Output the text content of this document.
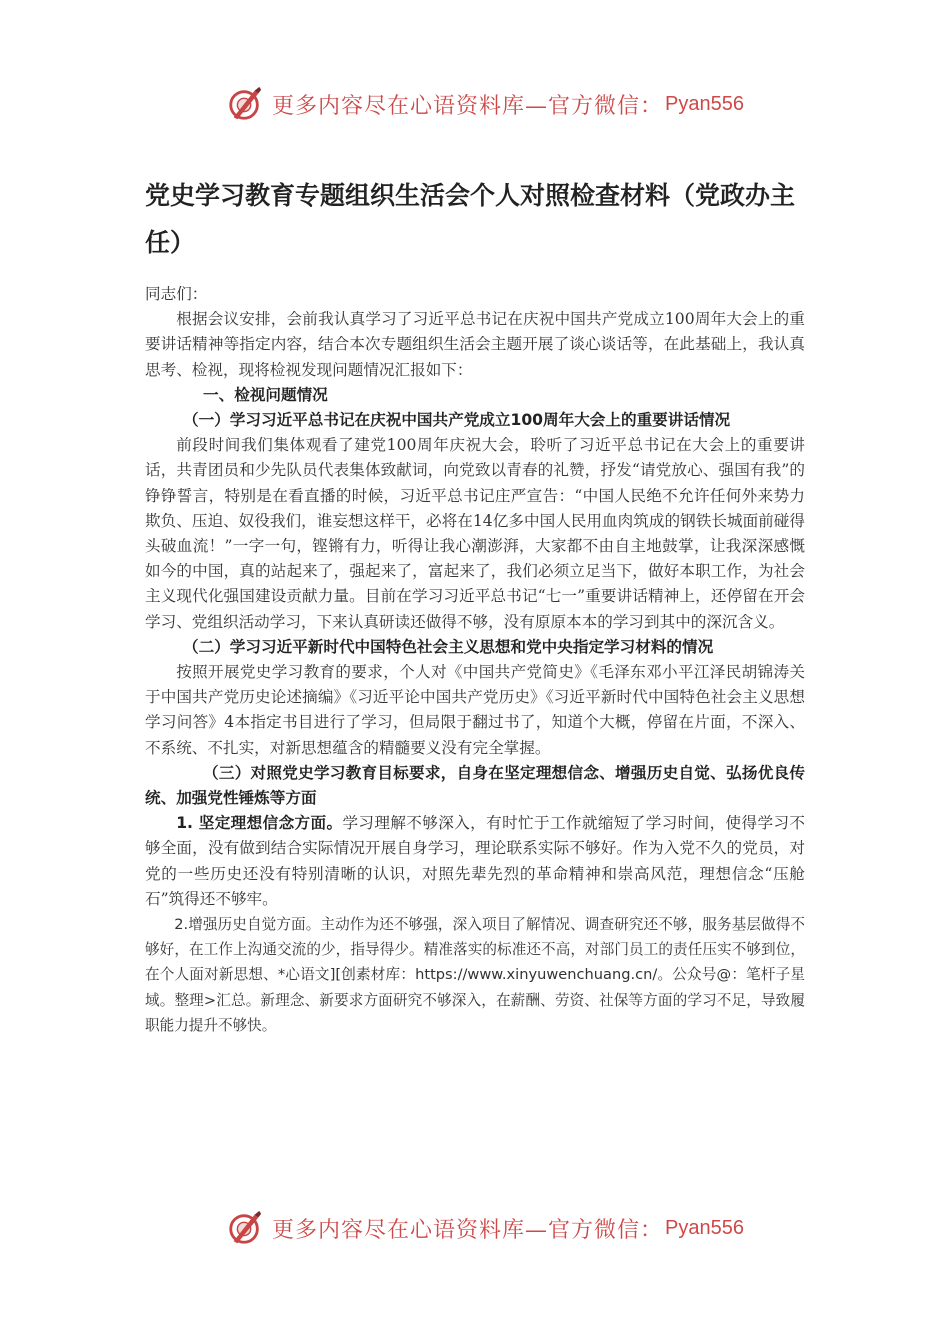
更多内容尽在心语资料库—官方微信： Pyan556
党史学习教育专题组织生活会个人对照检查材料（党政办主任）

同志们：

根据会议安排，会前我认真学习了习近平总书记在庆祝中国共产党成立100周年大会上的重要讲话精神等指定内容，结合本次专题组织生活会主题开展了谈心谈话等，在此基础上，我认真思考、检视，现将检视发现问题情况汇报如下：

一、检视问题情况

（一）学习习近平总书记在庆祝中国共产党成立100周年大会上的重要讲话情况

前段时间我们集体观看了建党100周年庆祝大会，聆听了习近平总书记在大会上的重要讲话，共青团员和少先队员代表集体致献词，向党致以青春的礼赞，抒发“请党放心、强国有我”的铮铮誓言，特别是在看直播的时候，习近平总书记庄严宣告：“中国人民绝不允许任何外来势力欺负、压迫、奴役我们，谁妄想这样干，必将在14亿多中国人民用血肉筑成的钢铁长城面前碰得头破血流！”一字一句，铿锵有力，听得让我心潮澎湃，大家都不由自主地鼓掌，让我深深感慨如今的中国，真的站起来了，强起来了，富起来了，我们必须立足当下，做好本职工作，为社会主义现代化强国建设贡献力量。目前在学习习近平总书记“七一”重要讲话精神上，还停留在开会学习、党组织活动学习，下来认真研读还做得不够，没有原原本本的学习到其中的深沉含义。

（二）学习习近平新时代中国特色社会主义思想和党中央指定学习材料的情况

按照开展党史学习教育的要求，个人对《中国共产党简史》《毛泽东邓小平江泽民胡锦涛关于中国共产党历史论述摘编》《习近平论中国共产党历史》《习近平新时代中国特色社会主义思想学习问答》4本指定书目进行了学习，但局限于翻过书了，知道个大概，停留在片面，不深入、不系统、不扎实，对新思想蕴含的精髓要义没有完全掌握。

（三）对照党史学习教育目标要求，自身在坚定理想信念、增强历史自觉、弘扬优良传统、加强党性锤炼等方面

1. 坚定理想信念方面。学习理解不够深入，有时忙于工作就缩短了学习时间，使得学习不够全面，没有做到结合实际情况开展自身学习，理论联系实际不够好。作为入党不久的党员，对党的一些历史还没有特别清晰的认识，对照先辈先烈的革命精神和崇高风范，理想信念“压舱石”筑得还不够牢。

2.增强历史自觉方面。主动作为还不够强，深入项目了解情况、调查研究还不够，服务基层做得不够好，在工作上沟通交流的少，指导得少。精准落实的标准还不高，对部门员工的责任压实不够到位，在个人面对新思想、*心语文][创素材库：https://www.xinyuwenchuang.cn/。公众号@：笔杆子星域。整理>汇总。新理念、新要求方面研究不够深入，在薪酬、劳资、社保等方面的学习不足，导致履职能力提升不够快。

更多内容尽在心语资料库—官方微信： Pyan556
